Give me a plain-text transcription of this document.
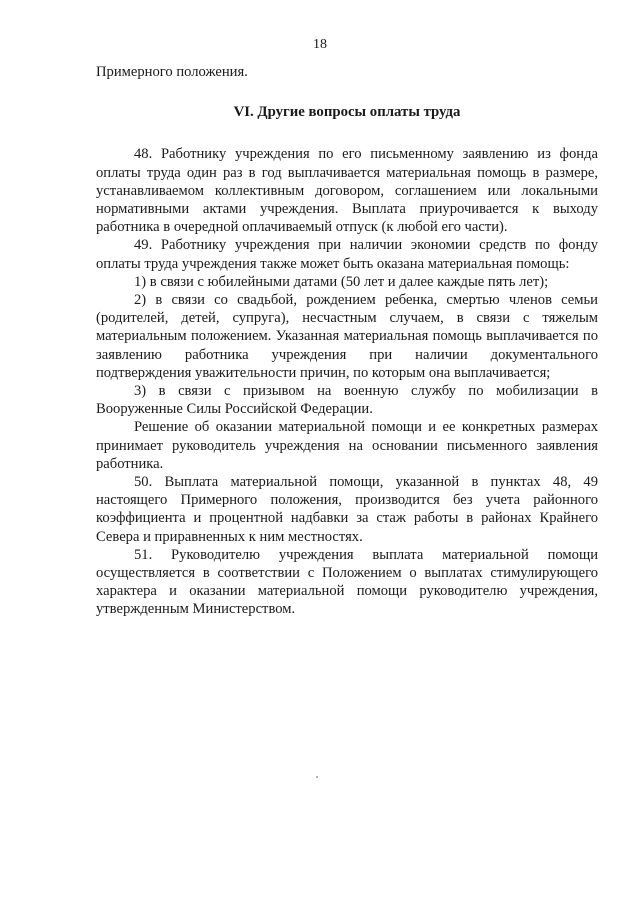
18

Примерного положения.

VI. Другие вопросы оплаты труда

48. Работнику учреждения по его письменному заявлению из фонда оплаты труда один раз в год выплачивается материальная помощь в размере, устанавливаемом коллективным договором, соглашением или локальными нормативными актами учреждения. Выплата приурочивается к выходу работника в очередной оплачиваемый отпуск (к любой его части).

49. Работнику учреждения при наличии экономии средств по фонду оплаты труда учреждения также может быть оказана материальная помощь:

1) в связи с юбилейными датами (50 лет и далее каждые пять лет);

2) в связи со свадьбой, рождением ребенка, смертью членов семьи (родителей, детей, супруга), несчастным случаем, в связи с тяжелым материальным положением. Указанная материальная помощь выплачивается по заявлению работника учреждения при наличии документального подтверждения уважительности причин, по которым она выплачивается;

3) в связи с призывом на военную службу по мобилизации в Вооруженные Силы Российской Федерации.

Решение об оказании материальной помощи и ее конкретных размерах принимает руководитель учреждения на основании письменного заявления работника.

50. Выплата материальной помощи, указанной в пунктах 48, 49 настоящего Примерного положения, производится без учета районного коэффициента и процентной надбавки за стаж работы в районах Крайнего Севера и приравненных к ним местностях.

51. Руководителю учреждения выплата материальной помощи осуществляется в соответствии с Положением о выплатах стимулирующего характера и оказании материальной помощи руководителю учреждения, утвержденным Министерством.
